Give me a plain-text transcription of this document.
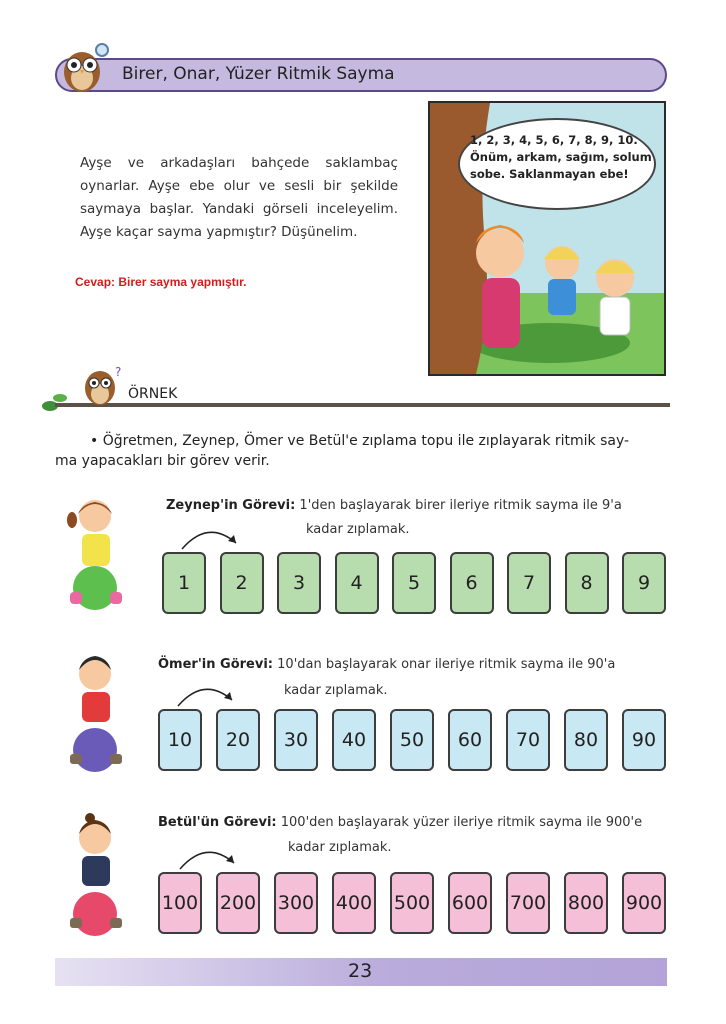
Birer, Onar, Yüzer Ritmik Sayma
Ayşe ve arkadaşları bahçede saklambaç oynarlar. Ayşe ebe olur ve sesli bir şekilde saymaya başlar. Yandaki görseli inceleyelim. Ayşe kaçar sayma yapmıştır? Düşünelim.
Cevap: Birer sayma yapmıştır.
1, 2, 3, 4, 5, 6, 7, 8, 9, 10.
Önüm, arkam, sağım, solum
sobe. Saklanmayan ebe!
?
ÖRNEK
• Öğretmen, Zeynep, Ömer ve Betül'e zıplama topu ile zıplayarak ritmik say-
ma yapacakları bir görev verir.
Zeynep'in Görevi: 1'den başlayarak birer ileriye ritmik sayma ile 9'a
kadar zıplamak.
Ömer'in Görevi: 10'dan başlayarak onar ileriye ritmik sayma ile 90'a
kadar zıplamak.
Betül'ün Görevi: 100'den başlayarak yüzer ileriye ritmik sayma ile 900'e
kadar zıplamak.
1	2	3	4	5	6	7	8	9
10	20	30	40	50	60	70	80	90
100 200 300 400 500 600 700 800 900
23
